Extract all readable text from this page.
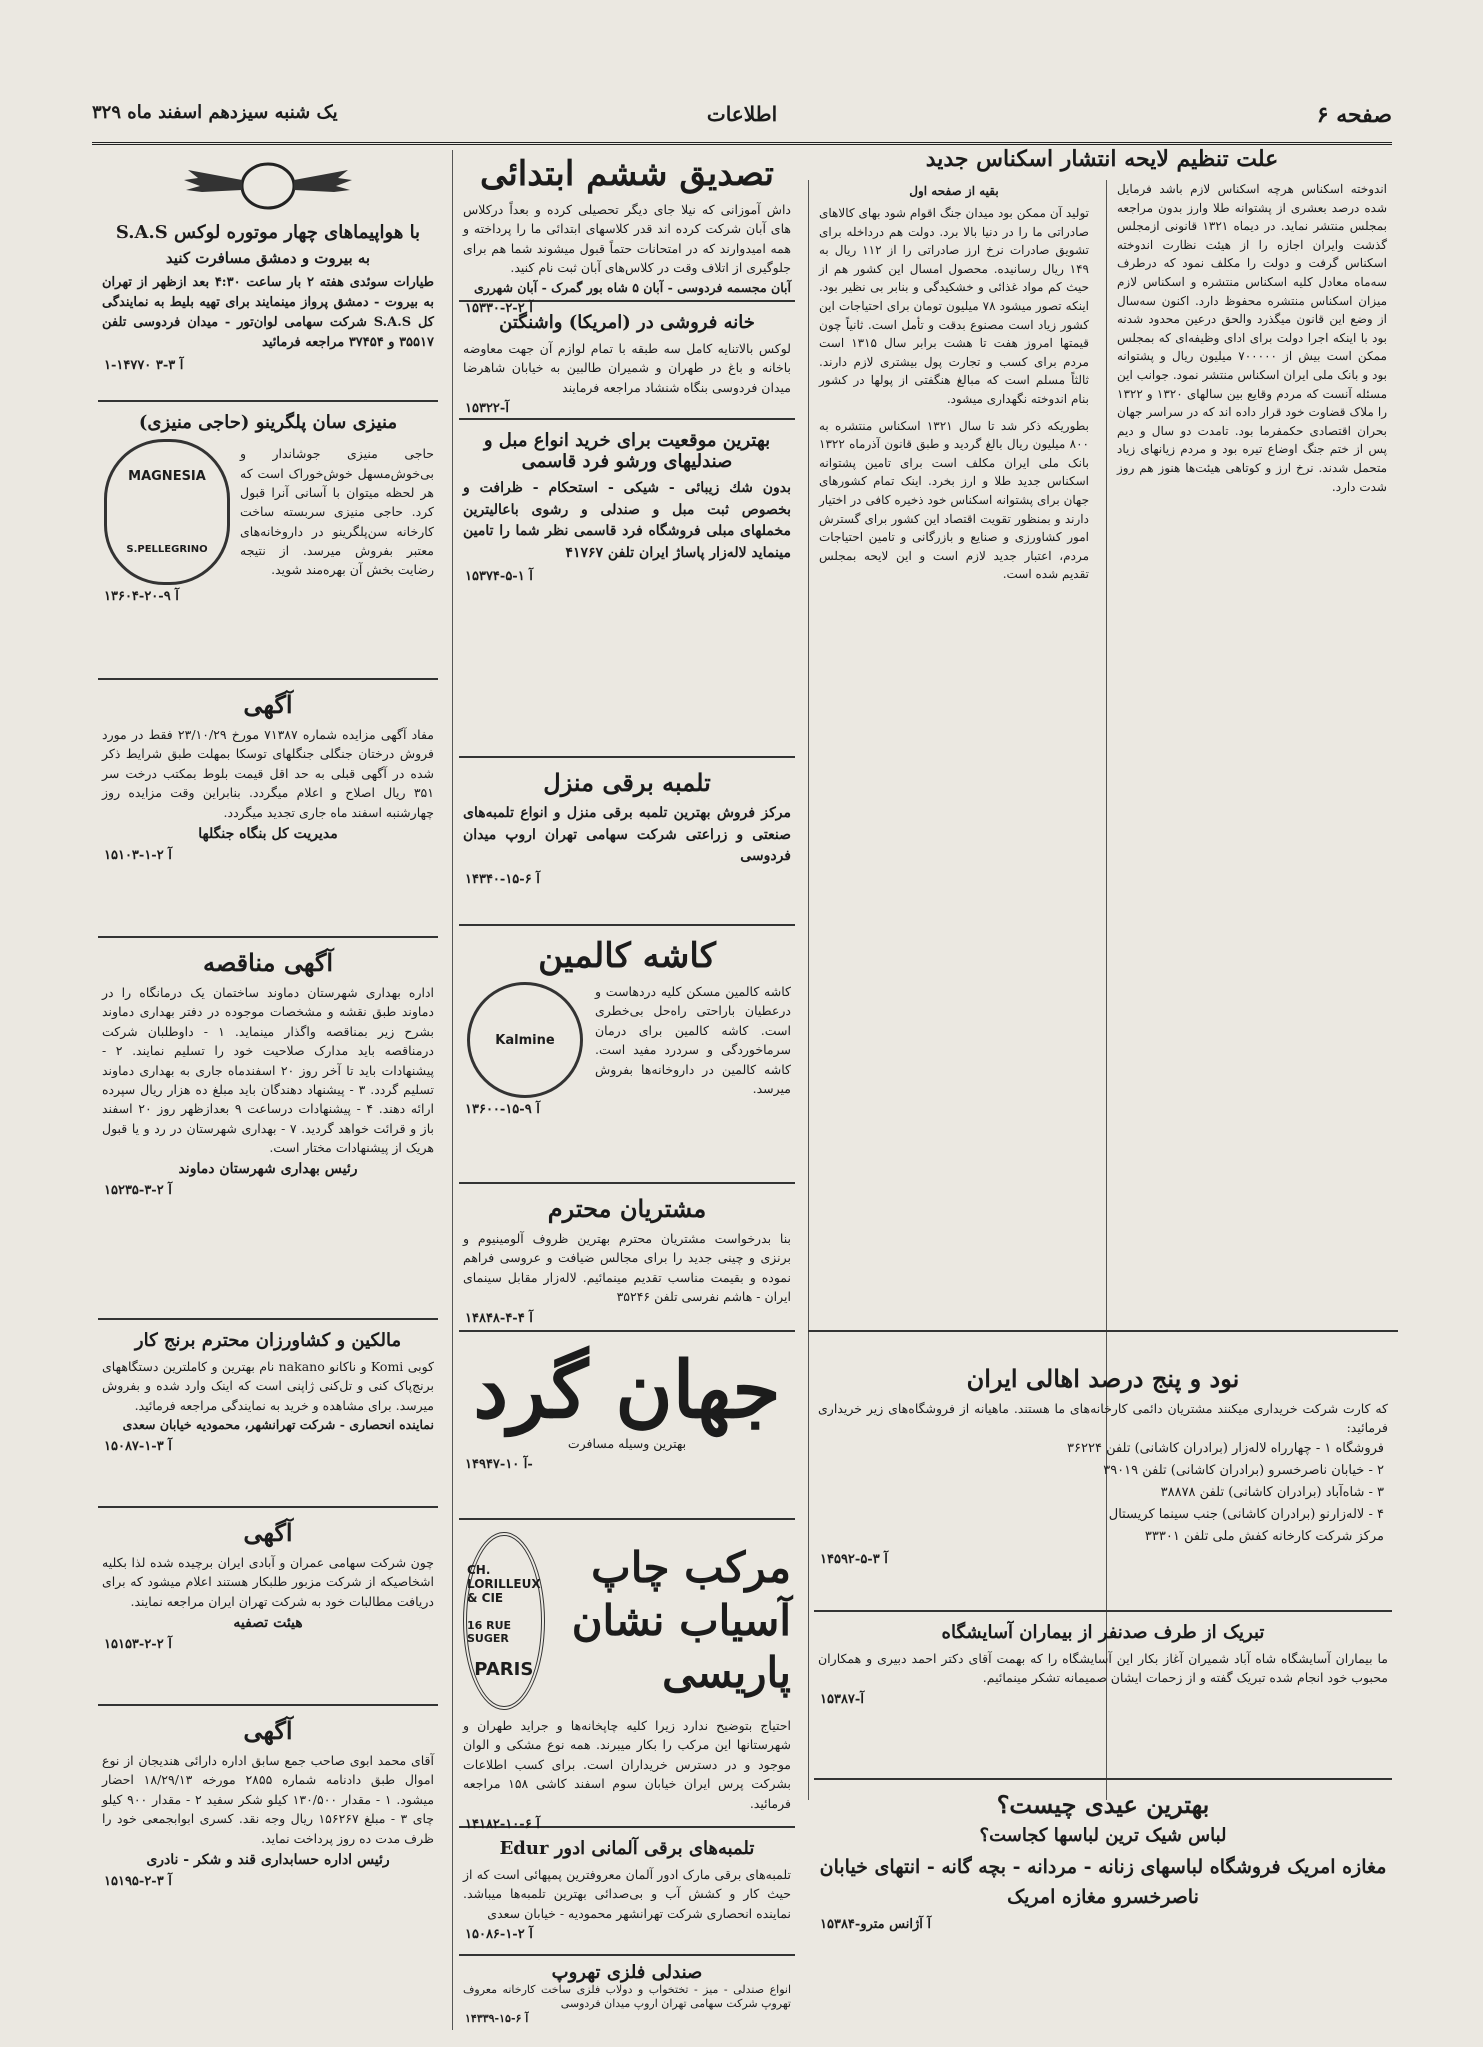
صفحه ۶
اطلاعات
یک شنبه سیزدهم اسفند ماه ۳۲۹
علت تنظیم لایحه انتشار اسکناس جدید
اندوخته اسکناس هرچه اسکناس لازم باشد فرمایل شده درصد بعشری از پشتوانه طلا وارز بدون مراجعه بمجلس منتشر نماید. در دیماه ۱۳۲۱ قانونی ازمجلس گذشت وایران اجازه را از هیئت نظارت اندوخته اسکناس گرفت و دولت را مکلف نمود که درطرف سه‌ماه معادل کلیه اسکناس منتشره و اسکناس لازم میزان اسکناس منتشره محفوظ دارد. اکنون سه‌سال از وضع این قانون میگذرد والحق درعین محدود شدنه بود با اینکه اجرا دولت برای ادای وظیفه‌ای که بمجلس ممکن است بیش از ۷۰۰۰۰۰ میلیون ریال و پشتوانه بود و بانک ملی ایران اسکناس منتشر نمود. جوانب این مسئله آنست که مردم وقایع بین سالهای ۱۳۲۰ و ۱۳۲۲ را ملاک قضاوت خود قرار داده اند که در سراسر جهان بحران اقتصادی حکمفرما بود. تامدت دو سال و دیم پس از ختم جنگ اوضاع تیره بود و مردم زیانهای زیاد متحمل شدند. نرخ ارز و کوتاهی هیئت‌ها هنوز هم روز شدت دارد.
بقیه از صفحه اول
تولید آن ممکن بود میدان جنگ اقوام شود بهای کالاهای صادراتی ما را در دنیا بالا برد. دولت هم درداخله برای تشویق صادرات نرخ ارز صادراتی را از ۱۱۲ ریال به ۱۴۹ ریال رسانیده. محصول امسال این کشور هم از حیث کم مواد غذائی و خشکیدگی و بنابر بی نظیر بود. اینکه تصور میشود ۷۸ میلیون تومان برای احتیاجات این کشور زیاد است مصنوع بدقت و تأمل است. ثانیاً چون قیمتها امروز هفت تا هشت برابر سال ۱۳۱۵ است مردم برای کسب و تجارت پول بیشتری لازم دارند. ثالثاً مسلم است که مبالغ هنگفتی از پولها در کشور بنام اندوخته نگهداری میشود.
بطوریکه ذکر شد تا سال ۱۳۲۱ اسکناس منتشره به ۸۰۰ میلیون ریال بالغ گردید و طبق قانون آذرماه ۱۳۲۲ بانک ملی ایران مکلف است برای تامین پشتوانه اسکناس جدید طلا و ارز بخرد. اینک تمام کشورهای جهان برای پشتوانه اسکناس خود ذخیره کافی در اختیار دارند و بمنظور تقویت اقتصاد این کشور برای گسترش امور کشاورزی و صنایع و بازرگانی و تامین احتیاجات مردم، اعتبار جدید لازم است و این لایحه بمجلس تقدیم شده است.
نود و پنج درصد اهالی ایران
که کارت شرکت خریداری میکنند مشتریان دائمی کارخانه‌های ما هستند. ماهیانه از فروشگاه‌های زیر خریداری فرمائید:
فروشگاه ۱ - چهارراه لاله‌زار (برادران کاشانی) تلفن ۳۶۲۲۴
۲ - خیابان ناصرخسرو (برادران کاشانی) تلفن ۳۹۰۱۹
۳ - شاه‌آباد (برادران کاشانی) تلفن ۳۸۸۷۸
۴ - لاله‌زارنو (برادران کاشانی) جنب سینما کریستال
مرکز شرکت کارخانه کفش ملی تلفن ۳۳۳۰۱
۱۴۵۹۲-آ ۳-۵
تبریک از طرف صدنفر از بیماران آسایشگاه
ما بیماران آسایشگاه شاه آباد شمیران آغاز بکار این آسایشگاه را که بهمت آقای دکتر احمد دبیری و همکاران محبوب خود انجام شده تبریک گفته و از زحمات ایشان صمیمانه تشکر مینمائیم.
۱۵۳۸۷-آ
بهترین عیدی چیست؟
لباس شیک ترین لباسها کجاست؟
مغازه امریک فروشگاه لباسهای زنانه - مردانه - بچه گانه - انتهای خیابان ناصرخسرو مغازه امریک
۱۵۳۸۴-آ آژانس مترو
تصدیق ششم ابتدائی
داش آموزانی که نیلا جای دیگر تحصیلی کرده و بعداً درکلاس های آبان شرکت کرده اند قدر کلاسهای ابتدائی ما را پرداخته و همه امیدوارند که در امتحانات حتماً قبول میشوند شما هم برای جلوگیری از اتلاف وقت در کلاس‌های آبان ثبت نام کنید.
آبان مجسمه فردوسی - آبان ۵ شاه بور گمرک - آبان شهرری
۱۵۳۳۰-آ ۲-۲
خانه فروشی در (امریکا) واشنگتن
لوکس بالاتنایه کامل سه طبقه با تمام لوازم آن جهت معاوضه باخانه و باغ در طهران و شمیران طالبین به خیابان شاهرضا میدان فردوسی بنگاه شنشاد مراجعه فرمایند
۱۵۳۲۲-آ
بهترین موقعیت برای خرید انواع مبل و صندلیهای ورشو فرد قاسمی
بدون شك زیبائی - شیکی - استحکام - ظرافت و بخصوص ثبت مبل و صندلی و رشوی باعالیترین مخملهای مبلی فروشگاه فرد قاسمی نظر شما را تامین مینماید لاله‌زار پاساژ ایران تلفن ۴۱۷۶۷
۱۵۳۷۴-آ ۱-۵
تلمبه برقی منزل
مرکز فروش بهترین تلمبه برقی منزل و انواع تلمبه‌های صنعتی و زراعتی شرکت سهامی تهران اروپ میدان فردوسی
۱۴۳۴۰-آ ۶-۱۵
کاشه کالمین
کاشه کالمین مسکن کلیه دردهاست و درعطیان باراحتی راه‌حل بی‌خطری است. کاشه کالمین برای درمان سرماخوردگی و سردرد مفید است. کاشه کالمین در داروخانه‌ها بفروش میرسد.
Kalmine
۱۳۶۰۰-آ ۹-۱۵
مشتریان محترم
بنا بدرخواست مشتریان محترم بهترین ظروف آلومینیوم و برنزی و چینی جدید را برای مجالس ضیافت و عروسی فراهم نموده و بقیمت مناسب تقدیم مینمائیم. لاله‌زار مقابل سینمای ایران - هاشم نفرسی تلفن ۳۵۲۴۶
۱۴۸۴۸-آ ۴-۴
جهان گرد
بهترین وسیله مسافرت
۱۴۹۴۷-آ ۱۰-
مرکب چاپ آسیاب نشان پاریسی
CH. LORILLEUX & CIE
16 RUE SUGER
PARIS
احتیاج بتوضیح ندارد زیرا کلیه چاپخانه‌ها و جراید طهران و شهرستانها این مرکب را بکار میبرند. همه نوع مشکی و الوان موجود و در دسترس خریداران است. برای کسب اطلاعات بشرکت پرس ایران خیابان سوم اسفند کاشی ۱۵۸ مراجعه فرمائید.
۱۴۱۸۲-آ ۶-۱۰
تلمبه‌های برقی آلمانی ادور Edur
تلمبه‌های برقی مارک ادور آلمان معروفترین پمپهائی است که از حیث کار و کشش آب و بی‌صدائی بهترین تلمبه‌ها میباشد. نماینده انحصاری شرکت تهرانشهر محمودیه - خیابان سعدی
۱۵۰۸۶-آ ۲-۱
صندلی فلزی تهروپ
انواع صندلی - میز - تختخواب و دولاب فلزی ساخت کارخانه معروف تهروپ شرکت سهامی تهران اروپ میدان فردوسی
۱۴۳۳۹-آ ۶-۱۵
با هواپیماهای چهار موتوره لوکس S.A.S
به بیروت و دمشق مسافرت کنید
طیارات سوئدی هفته ۲ بار ساعت ۴:۳۰ بعد ازظهر از تهران به بیروت - دمشق پرواز مینمایند برای تهیه بلیط به نمایندگی کل S.A.S شرکت سهامی لوان‌تور - میدان فردوسی تلفن ۳۵۵۱۷ و ۳۷۴۵۴ مراجعه فرمائید
۱-۱۴۷۷۰ آ ۳-۳
منیزی سان پلگرینو (حاجی منیزی)
حاجی منیزی جوشاندار و بی‌خوش‌مسهل خوش‌خوراک است که هر لحظه میتوان با آسانی آنرا قبول کرد. حاجی منیزی سربسته ساخت کارخانه سن‌پلگرینو در داروخانه‌های معتبر بفروش میرسد. از نتیجه رضایت بخش آن بهره‌مند شوید.
MAGNESIA
S.PELLEGRINO
۱۳۶۰۴-آ ۹-۲۰
آگهی
مفاد آگهی مزایده شماره ۷۱۳۸۷ مورخ ۲۳/۱۰/۲۹ فقط در مورد فروش درختان جنگلی جنگلهای توسکا بمهلت طبق شرایط ذکر شده در آگهی قبلی به حد اقل قیمت بلوط بمکتب درخت سر ۳۵۱ ریال اصلاح و اعلام میگردد. بنابراین وقت مزایده روز چهارشنبه اسفند ماه جاری تجدید میگردد.
مدیریت کل بنگاه جنگلها
۱۵۱۰۳-آ ۲-۱
آگهی مناقصه
اداره بهداری شهرستان دماوند ساختمان یک درمانگاه را در دماوند طبق نقشه و مشخصات موجوده در دفتر بهداری دماوند بشرح زیر بمناقصه واگذار مینماید. ۱ - داوطلبان شرکت درمناقصه باید مدارک صلاحیت خود را تسلیم نمایند. ۲ - پیشنهادات باید تا آخر روز ۲۰ اسفندماه جاری به بهداری دماوند تسلیم گردد. ۳ - پیشنهاد دهندگان باید مبلغ ده هزار ریال سپرده ارائه دهند. ۴ - پیشنهادات درساعت ۹ بعدازظهر روز ۲۰ اسفند باز و قرائت خواهد گردید. ۷ - بهداری شهرستان در رد و یا قبول هریک از پیشنهادات مختار است.
رئیس بهداری شهرستان دماوند
۱۵۲۳۵-آ ۲-۳
مالکین و کشاورزان محترم برنج کار
کوبی Komi و ناکانو nakano نام بهترین و کاملترین دستگاههای برنج‌پاک کنی و تل‌کنی ژاپنی است که اینک وارد شده و بفروش میرسد. برای مشاهده و خرید به نمایندگی مراجعه فرمائید.
نماینده انحصاری - شرکت تهرانشهر، محمودیه خیابان سعدی
۱۵۰۸۷-آ ۳-۱
آگهی
چون شرکت سهامی عمران و آبادی ایران برچیده شده لذا بکلیه اشخاصیکه از شرکت مزبور طلبکار هستند اعلام میشود که برای دریافت مطالبات خود به شرکت تهران ایران مراجعه نمایند.
هیئت تصفیه
۱۵۱۵۳-آ ۲-۲
آگهی
آقای محمد ابوی صاحب جمع سابق اداره دارائی هندیجان از نوع اموال طبق دادنامه شماره ۲۸۵۵ مورخه ۱۸/۲۹/۱۳ احضار میشود. ۱ - مقدار ۱۳۰/۵۰۰ کیلو شکر سفید ۲ - مقدار ۹۰۰ کیلو چای ۳ - مبلغ ۱۵۶۲۶۷ ریال وجه نقد. کسری ابوابجمعی خود را ظرف مدت ده روز پرداخت نماید.
رئیس اداره حسابداری قند و شکر - نادری
۱۵۱۹۵-آ ۳-۲
